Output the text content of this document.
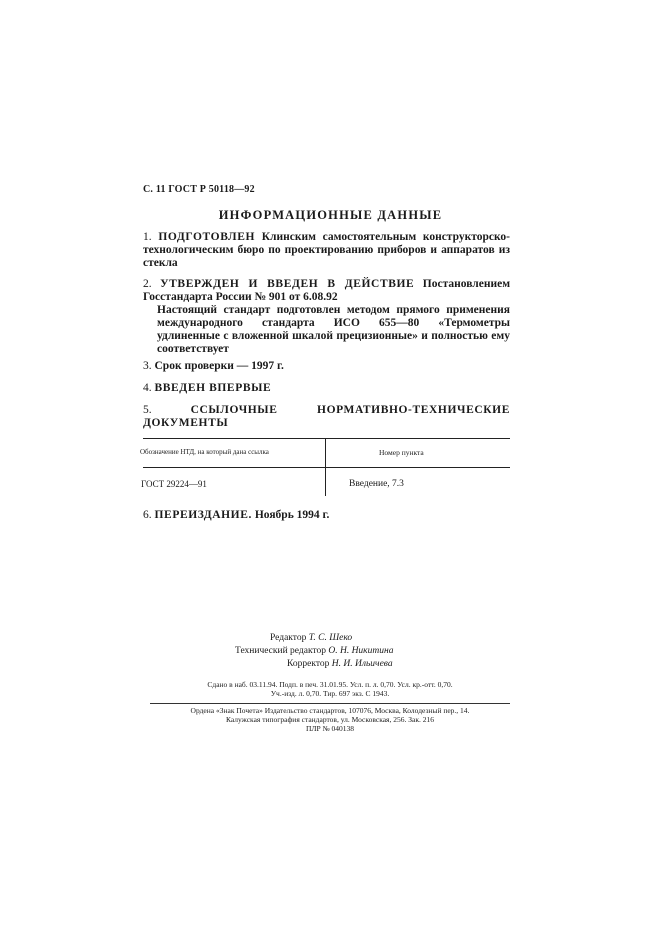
С. 11 ГОСТ Р 50118—92
ИНФОРМАЦИОННЫЕ ДАННЫЕ
1. ПОДГОТОВЛЕН Клинским самостоятельным конструкторско-технологическим бюро по проектированию приборов и аппаратов из стекла
2. УТВЕРЖДЕН И ВВЕДЕН В ДЕЙСТВИЕ Постановлением Госстандарта России № 901 от 6.08.92
Настоящий стандарт подготовлен методом прямого применения международного стандарта ИСО 655—80 «Термометры удлиненные с вложенной шкалой прецизионные» и полностью ему соответствует
3. Срок проверки — 1997 г.
4. ВВЕДЕН ВПЕРВЫЕ
5.	ССЫЛОЧНЫЕ НОРМАТИВНО-ТЕХНИЧЕСКИЕ ДОКУМЕНТЫ
Обозначение НТД, на который дана ссылка	Номер пункта
ГОСТ 29224—91	Введение, 7.3
6. ПЕРЕИЗДАНИЕ. Ноябрь 1994 г.
Редактор Т. С. Шеко
Технический редактор О. Н. Никитина
Корректор Н. И. Ильичева
Сдано в наб. 03.11.94. Подп. в печ. 31.01.95. Усл. п. л. 0,70. Усл. кр.-отт. 0,70.
Уч.-изд. л. 0,70. Тир. 697 экз. С 1943.
Ордена «Знак Почета» Издательство стандартов, 107076, Москва, Колодезный пер., 14.
Калужская типография стандартов, ул. Московская, 256. Зак. 216
ПЛР № 040138
